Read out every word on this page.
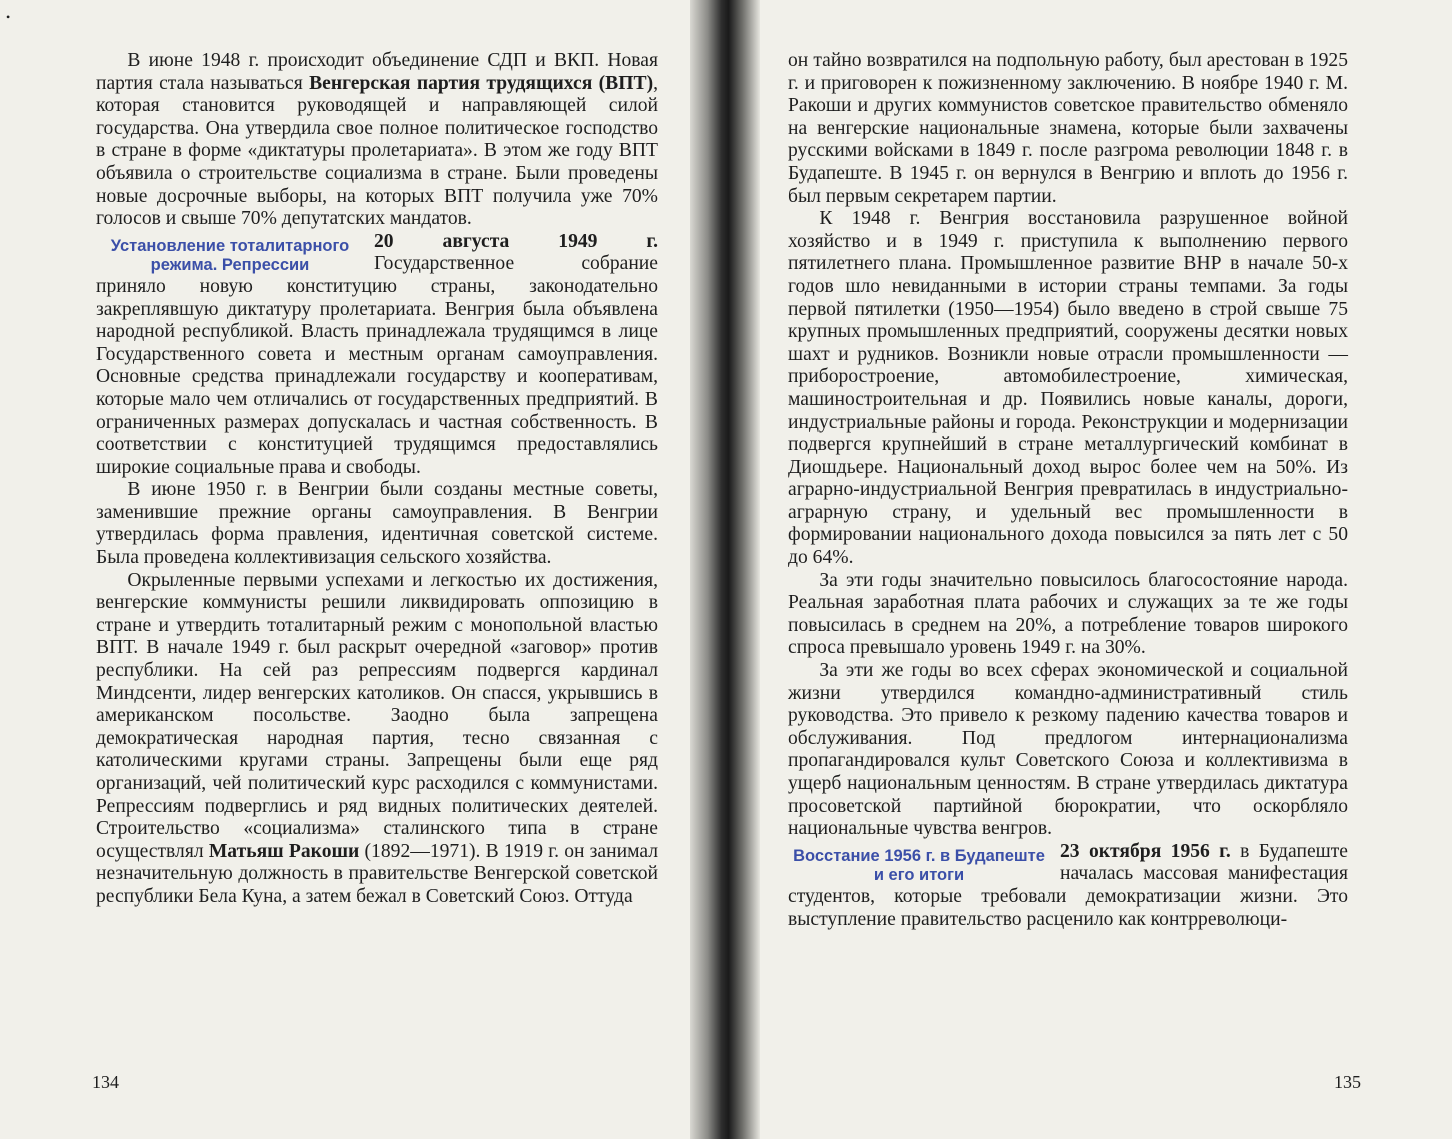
•

В июне 1948 г. происходит объединение СДП и ВКП. Новая партия стала называться Венгерская партия трудящихся (ВПТ), которая становится руководящей и направляющей силой государства. Она утвердила свое полное политическое господство в стране в форме «диктатуры пролетариата». В этом же году ВПТ объявила о строительстве социализма в стране. Были проведены новые досрочные выборы, на которых ВПТ получила уже 70% голосов и свыше 70% депутатских мандатов.

Установление тоталитарного режима. Репрессии

20 августа 1949 г. Государственное собрание приняло новую конституцию страны, законодательно закреплявшую диктатуру пролетариата. Венгрия была объявлена народной республикой. Власть принадлежала трудящимся в лице Государственного совета и местным органам самоуправления. Основные средства принадлежали государству и кооперативам, которые мало чем отличались от государственных предприятий. В ограниченных размерах допускалась и частная собственность. В соответствии с конституцией трудящимся предоставлялись широкие социальные права и свободы.

В июне 1950 г. в Венгрии были созданы местные советы, заменившие прежние органы самоуправления. В Венгрии утвердилась форма правления, идентичная советской системе. Была проведена коллективизация сельского хозяйства.

Окрыленные первыми успехами и легкостью их достижения, венгерские коммунисты решили ликвидировать оппозицию в стране и утвердить тоталитарный режим с монопольной властью ВПТ. В начале 1949 г. был раскрыт очередной «заговор» против республики. На сей раз репрессиям подвергся кардинал Миндсенти, лидер венгерских католиков. Он спасся, укрывшись в американском посольстве. Заодно была запрещена демократическая народная партия, тесно связанная с католическими кругами страны. Запрещены были еще ряд организаций, чей политический курс расходился с коммунистами. Репрессиям подверглись и ряд видных политических деятелей. Строительство «социализма» сталинского типа в стране осуществлял Матьяш Ракоши (1892—1971). В 1919 г. он занимал незначительную должность в правительстве Венгерской советской республики Бела Куна, а затем бежал в Советский Союз. Оттуда

134

он тайно возвратился на подпольную работу, был арестован в 1925 г. и приговорен к пожизненному заключению. В ноябре 1940 г. М. Ракоши и других коммунистов советское правительство обменяло на венгерские национальные знамена, которые были захвачены русскими войсками в 1849 г. после разгрома революции 1848 г. в Будапеште. В 1945 г. он вернулся в Венгрию и вплоть до 1956 г. был первым секретарем партии.

К 1948 г. Венгрия восстановила разрушенное войной хозяйство и в 1949 г. приступила к выполнению первого пятилетнего плана. Промышленное развитие ВНР в начале 50-х годов шло невиданными в истории страны темпами. За годы первой пятилетки (1950—1954) было введено в строй свыше 75 крупных промышленных предприятий, сооружены десятки новых шахт и рудников. Возникли новые отрасли промышленности — приборостроение, автомобилестроение, химическая, машиностроительная и др. Появились новые каналы, дороги, индустриальные районы и города. Реконструкции и модернизации подвергся крупнейший в стране металлургический комбинат в Диошдьере. Национальный доход вырос более чем на 50%. Из аграрно-индустриальной Венгрия превратилась в индустриально-аграрную страну, и удельный вес промышленности в формировании национального дохода повысился за пять лет с 50 до 64%.

За эти годы значительно повысилось благосостояние народа. Реальная заработная плата рабочих и служащих за те же годы повысилась в среднем на 20%, а потребление товаров широкого спроса превышало уровень 1949 г. на 30%.

За эти же годы во всех сферах экономической и социальной жизни утвердился командно-административный стиль руководства. Это привело к резкому падению качества товаров и обслуживания. Под предлогом интернационализма пропагандировался культ Советского Союза и коллективизма в ущерб национальным ценностям. В стране утвердилась диктатура просоветской партийной бюрократии, что оскорбляло национальные чувства венгров.

Восстание 1956 г. в Будапеште и его итоги

23 октября 1956 г. в Будапеште началась массовая манифестация студентов, которые требовали демократизации жизни. Это выступление правительство расценило как контрреволюци-

135
